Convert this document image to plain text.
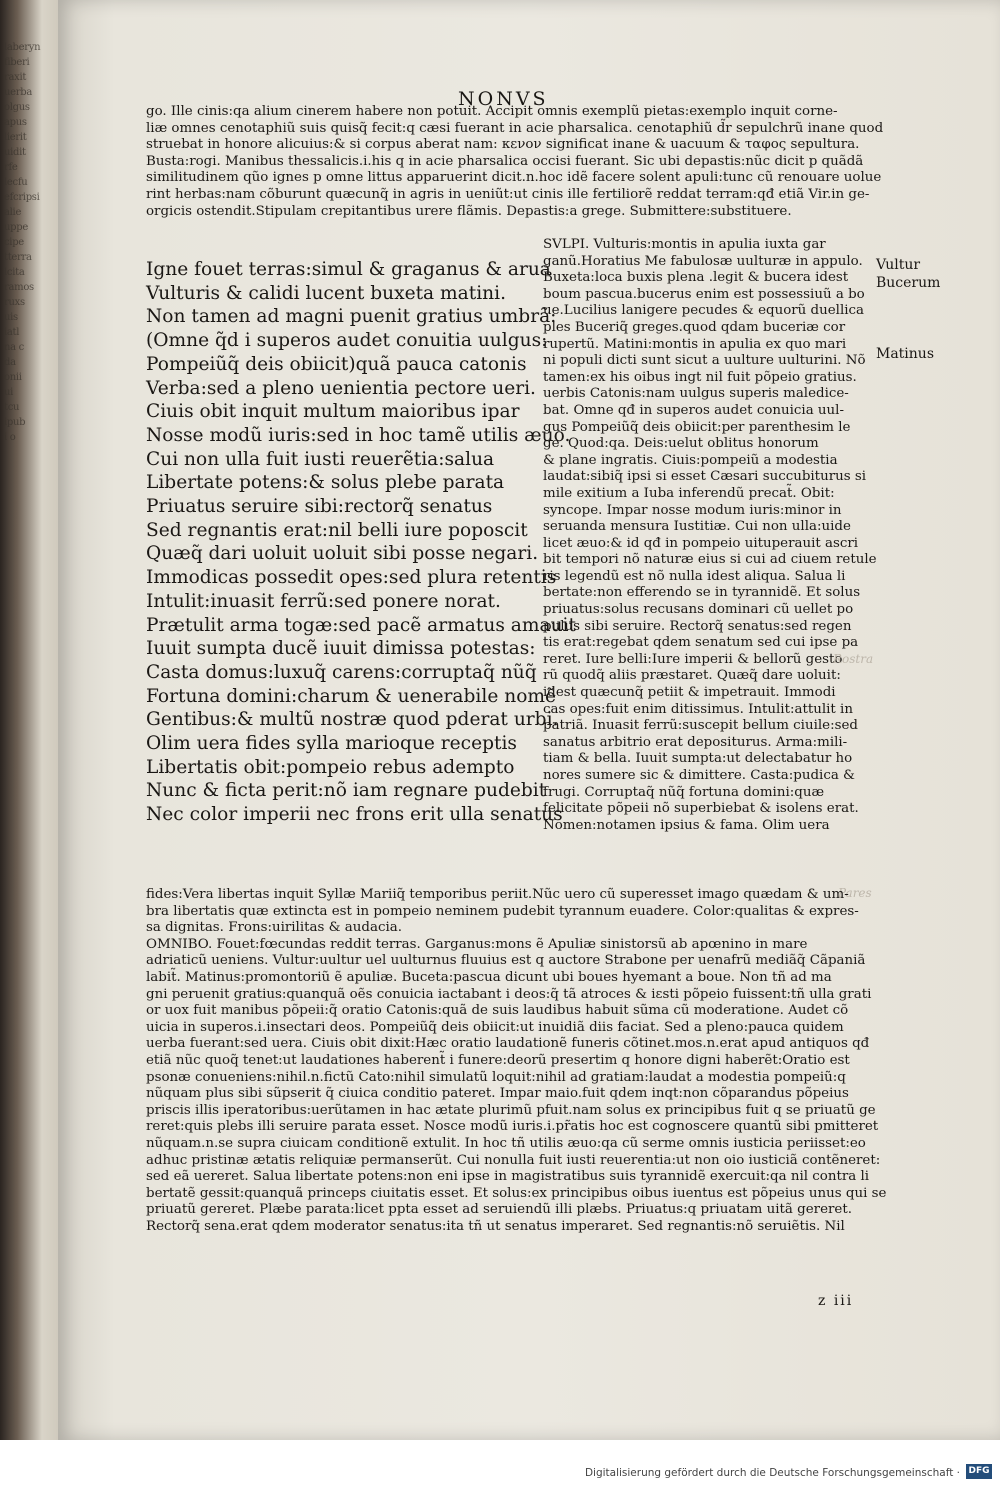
laberyn
fiberi
raxit
uerba
olgus
apus
lierit
uidit
rfe
lecfu
efcripsi
alie
uppe
cipe
tterra
lcita
ramos
ruxs
uis
iatl
na c
da
onii
ui
tcu
ipub
i o
NONVS
go. Ille cinis:qa alium cinerem habere non potuit. Accipit omnis exemplũ pietas:exemplo inquit corne‑
liæ omnes cenotaphiũ suis quisq̃ fecit:q cæsi fuerant in acie pharsalica. cenotaphiũ d̃r sepulchrũ inane quod
struebat in honore alicuius:& si corpus aberat nam: κενον significat inane & uacuum & ταφος sepultura.
Busta:rogi. Manibus thessalicis.i.his q in acie pharsalica occisi fuerant. Sic ubi depastis:nũc dicit p quãdã
similitudinem qũo ignes p omne littus apparuerint dicit.n.hoc idẽ facere solent apuli:tunc cũ renouare uolue
rint herbas:nam cõburunt quæcunq̃ in agris in ueniũt:ut cinis ille fertiliorẽ reddat terram:qđ etiã Vir.in ge‑
orgicis ostendit.Stipulam crepitantibus urere flãmis. Depastis:a grege. Submittere:substituere.
Igne fouet terras:simul & graganus & arua
Vulturis & calidi lucent buxeta matini.
Non tamen ad magni puenit gratius umbrã:
(Omne q̃d i superos audet conuitia uulgus:
Pompeiũq̃ deis obiicit)quã pauca catonis
Verba:sed a pleno uenientia pectore ueri.
Ciuis obit inquit multum maioribus ipar
Nosse modũ iuris:sed in hoc tamẽ utilis æuo.
Cui non ulla fuit iusti reuerẽtia:salua
Libertate potens:& solus plebe parata
Priuatus seruire sibi:rectorq̃ senatus
Sed regnantis erat:nil belli iure poposcit
Quæq̃ dari uoluit uoluit sibi posse negari.
Immodicas possedit opes:sed plura retentis
Intulit:inuasit ferrũ:sed ponere norat.
Prætulit arma togæ:sed pacẽ armatus amauit
Iuuit sumpta ducẽ iuuit dimissa potestas:
Casta domus:luxuq̃ carens:corruptaq̃ nũq̃
Fortuna domini:charum & uenerabile nomẽ
Gentibus:& multũ nostræ quod pderat urbi.
Olim uera fides sylla marioque receptis
Libertatis obit:pompeio rebus adempto
Nunc & ficta perit:nõ iam regnare pudebit
Nec color imperii nec frons erit ulla senatus
SVLPI. Vulturis:montis in apulia iuxta gar
ganũ.Horatius Me fabulosæ uulturæ in appulo.
Buxeta:loca buxis plena .legit & bucera idest
boum pascua.bucerus enim est possessiuũ a bo
ue.Lucilius lanigere pecudes & equorũ duellica
ples Buceriq̃ greges.quod qdam buceriæ cor
rupertũ. Matini:montis in apulia ex quo mari
ni populi dicti sunt sicut a uulture uulturini. Nõ
tamen:ex his oibus ingt nil fuit põpeio gratius.
uerbis Catonis:nam uulgus superis maledice‑
bat. Omne qđ in superos audet conuicia uul‑
gus Pompeiũq̃ deis obiicit:per parenthesim le
ge. Quod:qa. Deis:uelut oblitus honorum
& plane ingratis. Ciuis:pompeiũ a modestia
laudat:sibiq̃ ipsi si esset Cæsari succubiturus si
mile exitium a Iuba inferendũ precat̃. Obit:
syncope. Impar nosse modum iuris:minor in
seruanda mensura Iustitiæ. Cui non ulla:uide
licet æuo:& id qđ in pompeio uituperauit ascri
bit tempori nõ naturæ eius si cui ad ciuem retule
ris legendũ est nõ nulla idest aliqua. Salua li
bertate:non efferendo se in tyrannidẽ. Et solus
priuatus:solus recusans dominari cũ uellet po
pulus sibi seruire. Rectorq̃ senatus:sed regen
tis erat:regebat qdem senatum sed cui ipse pa
reret. Iure belli:Iure imperii & bellorũ gesto
rũ quodq̃ aliis præstaret. Quæq̃ dare uoluit:
idest quæcunq̃ petiit & impetrauit. Immodi
cas opes:fuit enim ditissimus. Intulit:attulit in
patriã. Inuasit ferrũ:suscepit bellum ciuile:sed
sanatus arbitrio erat depositurus. Arma:mili‑
tiam & bella. Iuuit sumpta:ut delectabatur ho
nores sumere sic & dimittere. Casta:pudica &
frugi. Corruptaq̃ nũq̃ fortuna domini:quæ
felicitate põpeii nõ superbiebat & isolens erat.
Nomen:notamen ipsius & fama. Olim uera
Vultur
Bucerum
Matinus
Rostra
Pares
fides:Vera libertas inquit Syllæ Mariiq̃ temporibus periit.Nũc uero cũ superesset imago quædam & um‑
bra libertatis quæ extincta est in pompeio neminem pudebit tyrannum euadere. Color:qualitas & expres‑
sa dignitas. Frons:uirilitas & audacia.
OMNIBO. Fouet:fœcundas reddit terras. Garganus:mons ẽ Apuliæ sinistorsũ ab apœnino in mare
adriaticũ ueniens. Vultur:uultur uel uulturnus fluuius est q auctore Strabone per uenafrũ mediãq̃ Cãpaniã
labit̃. Matinus:promontoriũ ẽ apuliæ. Buceta:pascua dicunt ubi boues hyemant a boue. Non tñ ad ma
gni peruenit gratius:quanquã oẽs conuicia iactabant i deos:q̃ tã atroces & iɛsti põpeio fuissent:tñ ulla grati
or uox fuit manibus põpeii:q̃ oratio Catonis:quã de suis laudibus habuit sũma cũ moderatione. Audet cõ
uicia in superos.i.insectari deos. Pompeiũq̃ deis obiicit:ut inuidiã diis faciat. Sed a pleno:pauca quidem
uerba fuerant:sed uera. Ciuis obit dixit:Hæc oratio laudationẽ funeris cõtinet.mos.n.erat apud antiquos qđ
etiã nũc quoq̃ tenet:ut laudationes haberent̃ i funere:deorũ presertim q honore digni haberẽt:Oratio est
psonæ conueniens:nihil.n.fictũ Cato:nihil simulatũ loquit:nihil ad gratiam:laudat a modestia pompeiũ:q
nũquam plus sibi sũpserit q̃ ciuica conditio pateret. Impar maio.fuit qdem inqt:non cõparandus põpeius
priscis illis iperatoribus:uerũtamen in hac ætate plurimũ pfuit.nam solus ex principibus fuit q se priuatũ ge
reret:quis plebs illi seruire parata esset. Nosce modũ iuris.i.pr̃atis hoc est cognoscere quantũ sibi pmitteret
nũquam.n.se supra ciuicam conditionẽ extulit. In hoc tñ utilis æuo:qa cũ serme omnis iusticia periisset:eo
adhuc pristinæ ætatis reliquiæ permanserũt. Cui nonulla fuit iusti reuerentia:ut non oio iusticiã contẽneret:
sed eã uereret. Salua libertate potens:non eni ipse in magistratibus suis tyrannidẽ exercuit:qa nil contra li
bertatẽ gessit:quanquã princeps ciuitatis esset. Et solus:ex principibus oibus iuentus est põpeius unus qui se
priuatũ gereret. Plæbe parata:licet ppta esset ad seruiendũ illi plæbs. Priuatus:q priuatam uitã gereret.
Rectorq̃ sena.erat qdem moderator senatus:ita tñ ut senatus imperaret. Sed regnantis:nõ seruiẽtis. Nil
z iii
Digitalisierung gefördert durch die Deutsche Forschungsgemeinschaft · DFG
